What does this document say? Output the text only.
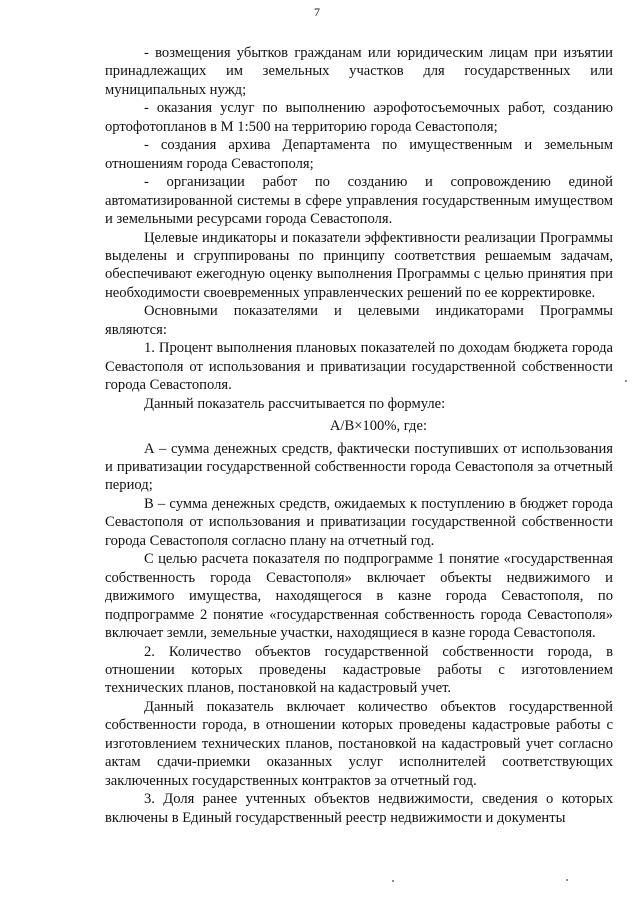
7

- возмещения убытков гражданам или юридическим лицам при изъятии принадлежащих им земельных участков для государственных или муниципальных нужд;

- оказания услуг по выполнению аэрофотосъемочных работ, созданию ортофотопланов в М 1:500 на территорию города Севастополя;

- создания архива Департамента по имущественным и земельным отношениям города Севастополя;

- организации работ по созданию и сопровождению единой автоматизированной системы в сфере управления государственным имуществом и земельными ресурсами города Севастополя.

Целевые индикаторы и показатели эффективности реализации Программы выделены и сгруппированы по принципу соответствия решаемым задачам, обеспечивают ежегодную оценку выполнения Программы с целью принятия при необходимости своевременных управленческих решений по ее корректировке.

Основными показателями и целевыми индикаторами Программы являются:

1. Процент выполнения плановых показателей по доходам бюджета города Севастополя от использования и приватизации государственной собственности города Севастополя.

Данный показатель рассчитывается по формуле:

А/В×100%, где:

А – сумма денежных средств, фактически поступивших от использования и приватизации государственной собственности города Севастополя за отчетный период;

В – сумма денежных средств, ожидаемых к поступлению в бюджет города Севастополя от использования и приватизации государственной собственности города Севастополя согласно плану на отчетный год.

С целью расчета показателя по подпрограмме 1 понятие «государственная собственность города Севастополя» включает объекты недвижимого и движимого имущества, находящегося в казне города Севастополя, по подпрограмме 2 понятие «государственная собственность города Севастополя» включает земли, земельные участки, находящиеся в казне города Севастополя.

2. Количество объектов государственной собственности города, в отношении которых проведены кадастровые работы с изготовлением технических планов, постановкой на кадастровый учет.

Данный показатель включает количество объектов государственной собственности города, в отношении которых проведены кадастровые работы с изготовлением технических планов, постановкой на кадастровый учет согласно актам сдачи-приемки оказанных услуг исполнителей соответствующих заключенных государственных контрактов за отчетный год.

3. Доля ранее учтенных объектов недвижимости, сведения о которых включены в Единый государственный реестр недвижимости и документы
